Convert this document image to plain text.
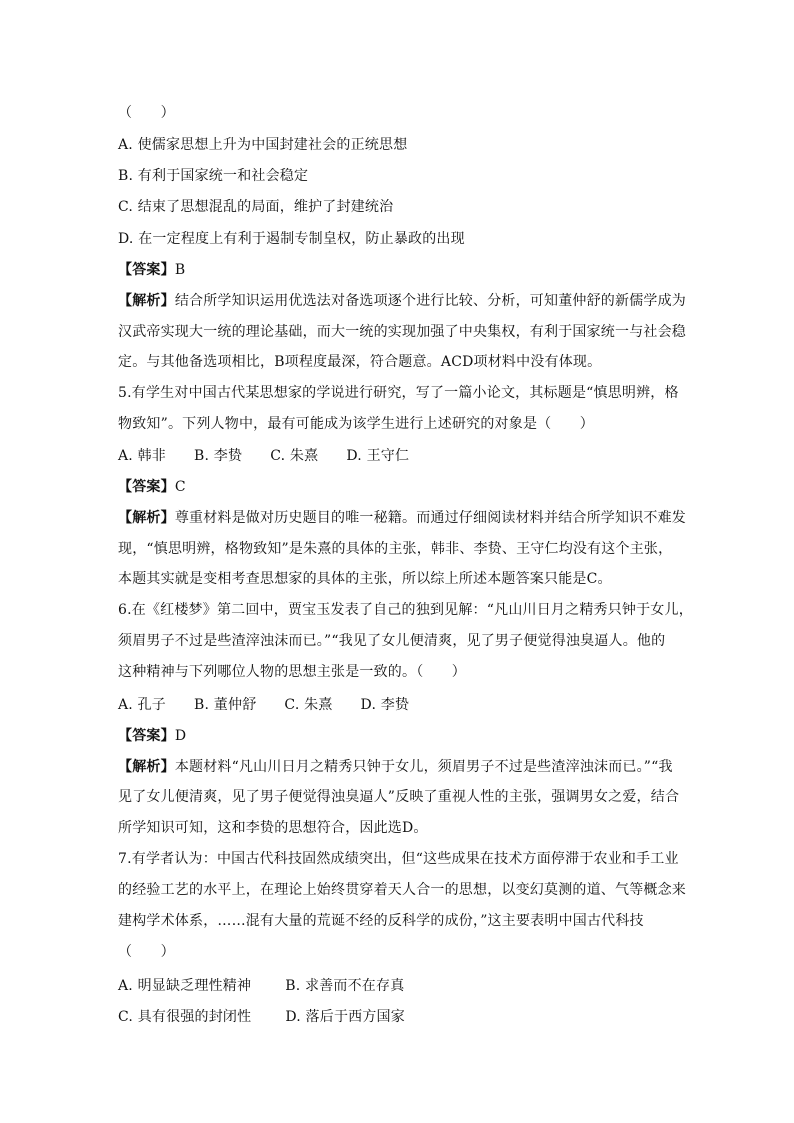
（　　）
A. 使儒家思想上升为中国封建社会的正统思想
B. 有利于国家统一和社会稳定
C. 结束了思想混乱的局面，维护了封建统治
D. 在一定程度上有利于遏制专制皇权，防止暴政的出现
【答案】B
【解析】结合所学知识运用优选法对备选项逐个进行比较、分析，可知董仲舒的新儒学成为
汉武帝实现大一统的理论基础，而大一统的实现加强了中央集权，有利于国家统一与社会稳
定。与其他备选项相比，B项程度最深，符合题意。ACD项材料中没有体现。
5.有学生对中国古代某思想家的学说进行研究，写了一篇小论文，其标题是“慎思明辨，格
物致知”。下列人物中，最有可能成为该学生进行上述研究的对象是（　　）
A. 韩非 B. 李贽 C. 朱熹 D. 王守仁
【答案】C
【解析】尊重材料是做对历史题目的唯一秘籍。而通过仔细阅读材料并结合所学知识不难发
现，“慎思明辨，格物致知”是朱熹的具体的主张，韩非、李贽、王守仁均没有这个主张，
本题其实就是变相考查思想家的具体的主张，所以综上所述本题答案只能是C。
6.在《红楼梦》第二回中，贾宝玉发表了自己的独到见解：“凡山川日月之精秀只钟于女儿，
须眉男子不过是些渣滓浊沫而已。”“我见了女儿便清爽，见了男子便觉得浊臭逼人。他的
这种精神与下列哪位人物的思想主张是一致的。（　　）
A. 孔子 B. 董仲舒 C. 朱熹 D. 李贽
【答案】D
【解析】本题材料“凡山川日月之精秀只钟于女儿，须眉男子不过是些渣滓浊沫而已。”“我
见了女儿便清爽，见了男子便觉得浊臭逼人”反映了重视人性的主张，强调男女之爱，结合
所学知识可知，这和李贽的思想符合，因此选D。
7.有学者认为：中国古代科技固然成绩突出，但“这些成果在技术方面停滞于农业和手工业
的经验工艺的水平上，在理论上始终贯穿着天人合一的思想，以变幻莫测的道、气等概念来
建构学术体系，……混有大量的荒诞不经的反科学的成份，”这主要表明中国古代科技
（　　）
A. 明显缺乏理性精神 B. 求善而不在存真
C. 具有很强的封闭性 D. 落后于西方国家
